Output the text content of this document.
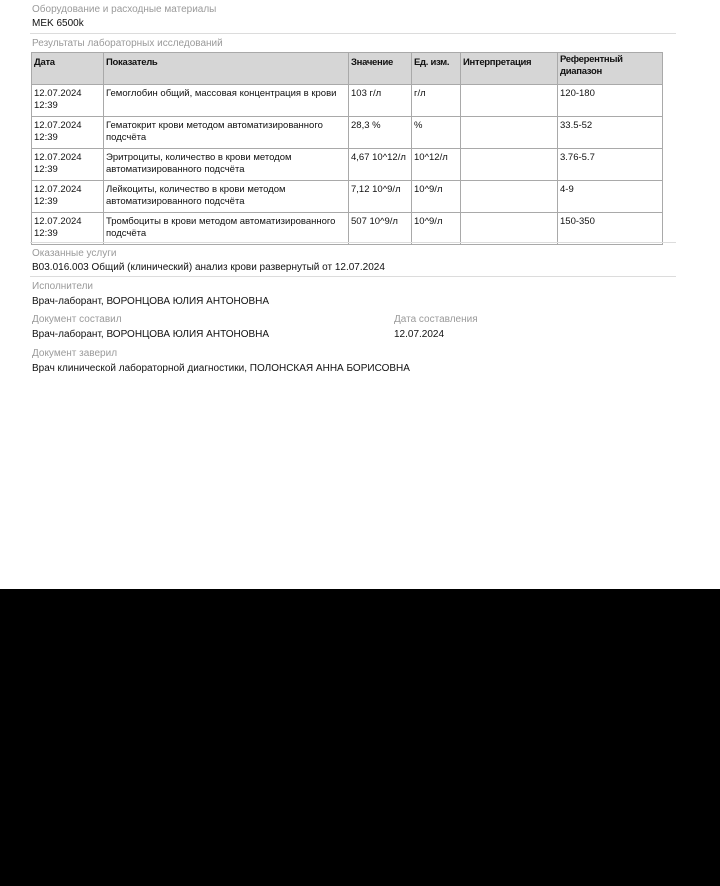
Оборудование и расходные материалы
MEK 6500k
Результаты лабораторных исследований
Дата	Показатель	Значение	Ед. изм.	Интерпретация	Референтный диапазон
12.07.2024
12:39	Гемоглобин общий, массовая концентрация в крови	103 г/л	г/л		120-180
12.07.2024
12:39	Гематокрит крови методом автоматизированного подсчёта	28,3 %	%		33.5-52
12.07.2024
12:39	Эритроциты, количество в крови методом автоматизированного подсчёта	4,67 10^12/л	10^12/л		3.76-5.7
12.07.2024
12:39	Лейкоциты, количество в крови методом автоматизированного подсчёта	7,12 10^9/л	10^9/л		4-9
12.07.2024
12:39	Тромбоциты в крови методом автоматизированного подсчёта	507 10^9/л	10^9/л		150-350
Оказанные услуги
B03.016.003 Общий (клинический) анализ крови развернутый от 12.07.2024
Исполнители
Врач-лаборант, ВОРОНЦОВА ЮЛИЯ АНТОНОВНА
Документ составил
Врач-лаборант, ВОРОНЦОВА ЮЛИЯ АНТОНОВНА
Дата составления
12.07.2024
Документ заверил
Врач клинической лабораторной диагностики, ПОЛОНСКАЯ АННА БОРИСОВНА
